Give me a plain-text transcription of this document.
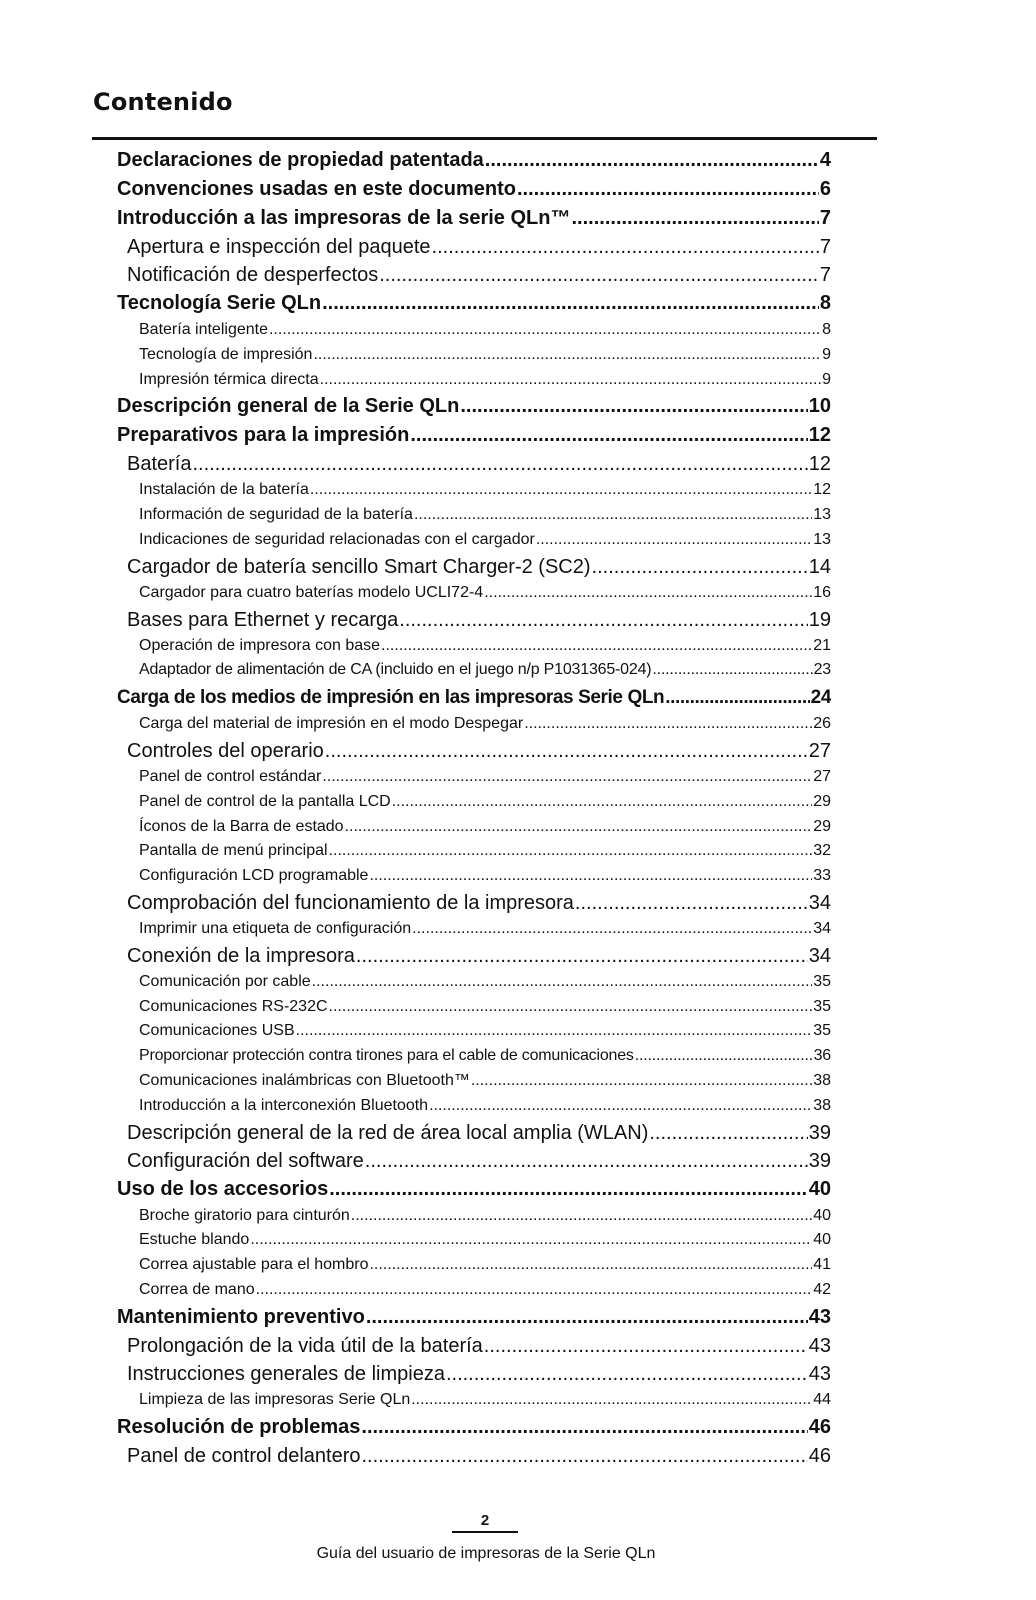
Contenido
Declaraciones de propiedad patentada .....	4
Convenciones usadas en este documento .....	6
Introducción a las impresoras de la serie QLn™ .....	7
Apertura e inspección del paquete .....	7
Notificación de desperfectos .....	7
Tecnología Serie QLn .....	8
Batería inteligente .....	8
Tecnología de impresión .....	9
Impresión térmica directa .....	9
Descripción general de la Serie QLn .....	10
Preparativos para la impresión .....	12
Batería .....	12
Instalación de la batería .....	12
Información de seguridad de la batería .....	13
Indicaciones de seguridad relacionadas con el cargador .....	13
Cargador de batería sencillo Smart Charger-2 (SC2) .....	14
Cargador para cuatro baterías modelo UCLI72-4 .....	16
Bases para Ethernet y recarga .....	19
Operación de impresora con base .....	21
Adaptador de alimentación de CA (incluido en el juego n/p P1031365-024) .....	23
Carga de los medios de impresión en las impresoras Serie QLn .....	24
Carga del material de impresión en el modo Despegar .....	26
Controles del operario .....	27
Panel de control estándar .....	27
Panel de control de la pantalla LCD .....	29
Íconos de la Barra de estado .....	29
Pantalla de menú principal .....	32
Configuración LCD programable .....	33
Comprobación del funcionamiento de la impresora .....	34
Imprimir una etiqueta de configuración .....	34
Conexión de la impresora .....	34
Comunicación por cable .....	35
Comunicaciones RS-232C .....	35
Comunicaciones USB .....	35
Proporcionar protección contra tirones para el cable de comunicaciones .....	36
Comunicaciones inalámbricas con Bluetooth™ .....	38
Introducción a la interconexión Bluetooth .....	38
Descripción general de la red de área local amplia (WLAN) .....	39
Configuración del software .....	39
Uso de los accesorios .....	40
Broche giratorio para cinturón .....	40
Estuche blando .....	40
Correa ajustable para el hombro .....	41
Correa de mano .....	42
Mantenimiento preventivo .....	43
Prolongación de la vida útil de la batería .....	43
Instrucciones generales de limpieza .....	43
Limpieza de las impresoras Serie QLn .....	44
Resolución de problemas .....	46
Panel de control delantero .....	46
2
Guía del usuario de impresoras de la Serie QLn
